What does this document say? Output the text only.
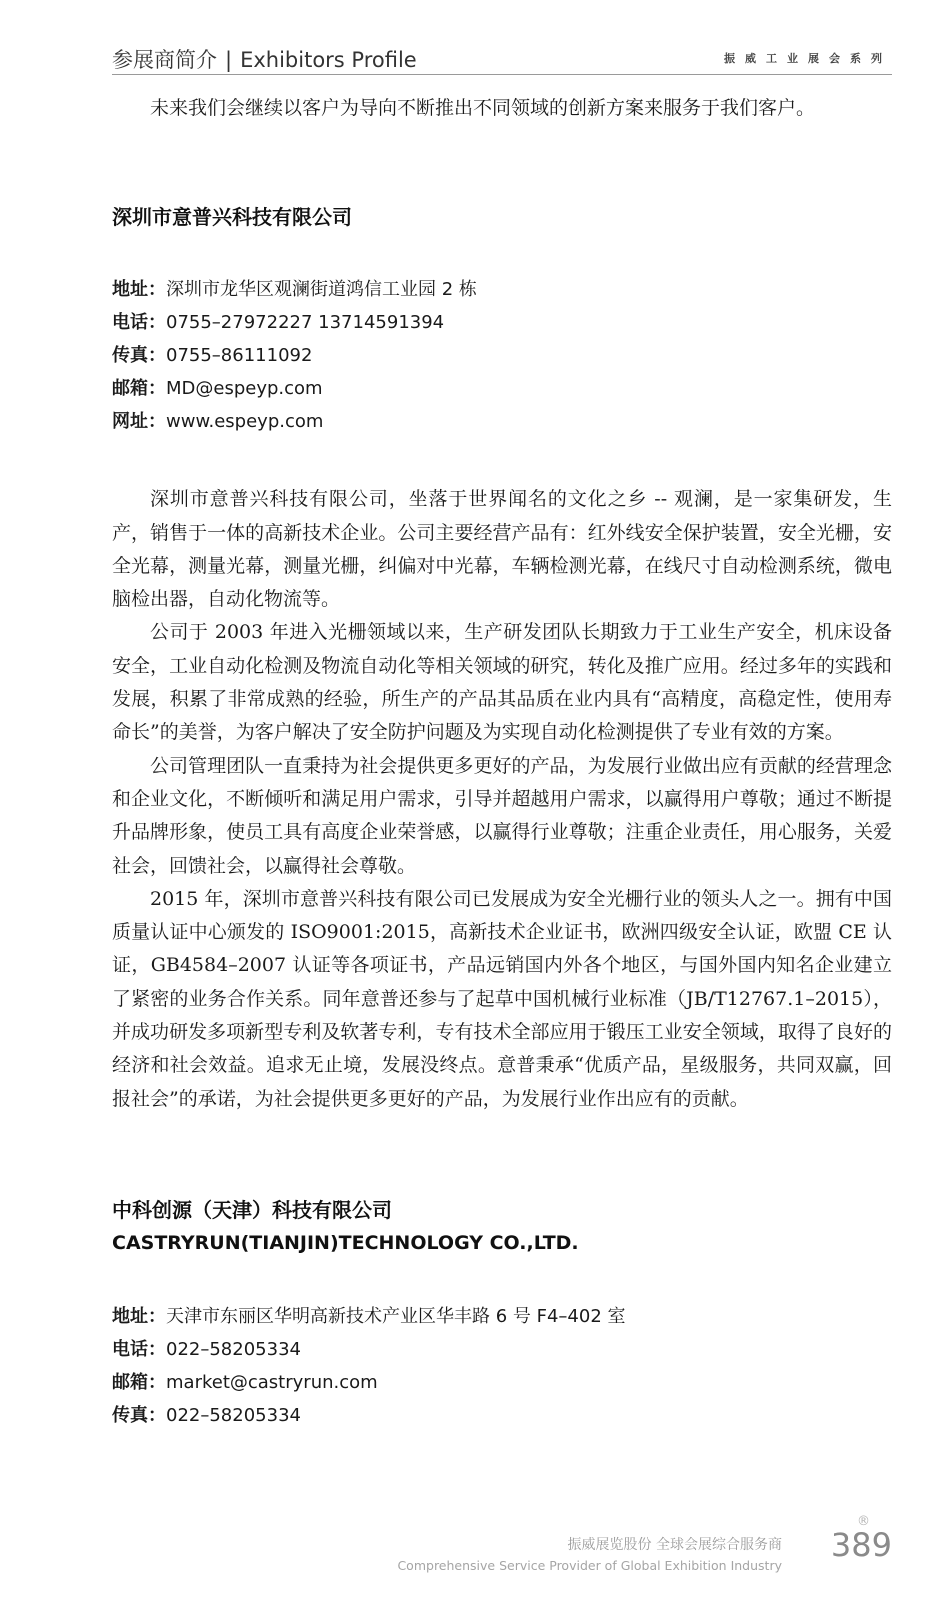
参展商简介 | Exhibitors Profile	振威工业展会系列

未来我们会继续以客户为导向不断推出不同领域的创新方案来服务于我们客户。

深圳市意普兴科技有限公司

地址：深圳市龙华区观澜街道鸿信工业园 2 栋

电话：0755–27972227 13714591394

传真：0755–86111092

邮箱：MD@espeyp.com

网址：www.espeyp.com

深圳市意普兴科技有限公司，坐落于世界闻名的文化之乡 -- 观澜，是一家集研发，生产，销售于一体的高新技术企业。公司主要经营产品有：红外线安全保护装置，安全光栅，安全光幕，测量光幕，测量光栅，纠偏对中光幕，车辆检测光幕，在线尺寸自动检测系统，微电脑检出器，自动化物流等。

公司于 2003 年进入光栅领域以来，生产研发团队长期致力于工业生产安全，机床设备安全，工业自动化检测及物流自动化等相关领域的研究，转化及推广应用。经过多年的实践和发展，积累了非常成熟的经验，所生产的产品其品质在业内具有“高精度，高稳定性，使用寿命长”的美誉，为客户解决了安全防护问题及为实现自动化检测提供了专业有效的方案。

公司管理团队一直秉持为社会提供更多更好的产品，为发展行业做出应有贡献的经营理念和企业文化，不断倾听和满足用户需求，引导并超越用户需求，以赢得用户尊敬；通过不断提升品牌形象，使员工具有高度企业荣誉感，以赢得行业尊敬；注重企业责任，用心服务，关爱社会，回馈社会，以赢得社会尊敬。

2015 年，深圳市意普兴科技有限公司已发展成为安全光栅行业的领头人之一。拥有中国质量认证中心颁发的 ISO9001:2015，高新技术企业证书，欧洲四级安全认证，欧盟 CE 认证，GB4584–2007 认证等各项证书，产品远销国内外各个地区，与国外国内知名企业建立了紧密的业务合作关系。同年意普还参与了起草中国机械行业标准（JB/T12767.1–2015），并成功研发多项新型专利及软著专利，专有技术全部应用于锻压工业安全领域，取得了良好的经济和社会效益。追求无止境，发展没终点。意普秉承“优质产品，星级服务，共同双赢，回报社会”的承诺，为社会提供更多更好的产品，为发展行业作出应有的贡献。

中科创源（天津）科技有限公司
CASTRYRUN(TIANJIN)TECHNOLOGY CO.,LTD.

地址：天津市东丽区华明高新技术产业区华丰路 6 号 F4–402 室

电话：022–58205334

邮箱：market@castryrun.com

传真：022–58205334

振威展览股份 全球会展综合服务商
Comprehensive Service Provider of Global Exhibition Industry
®
389
